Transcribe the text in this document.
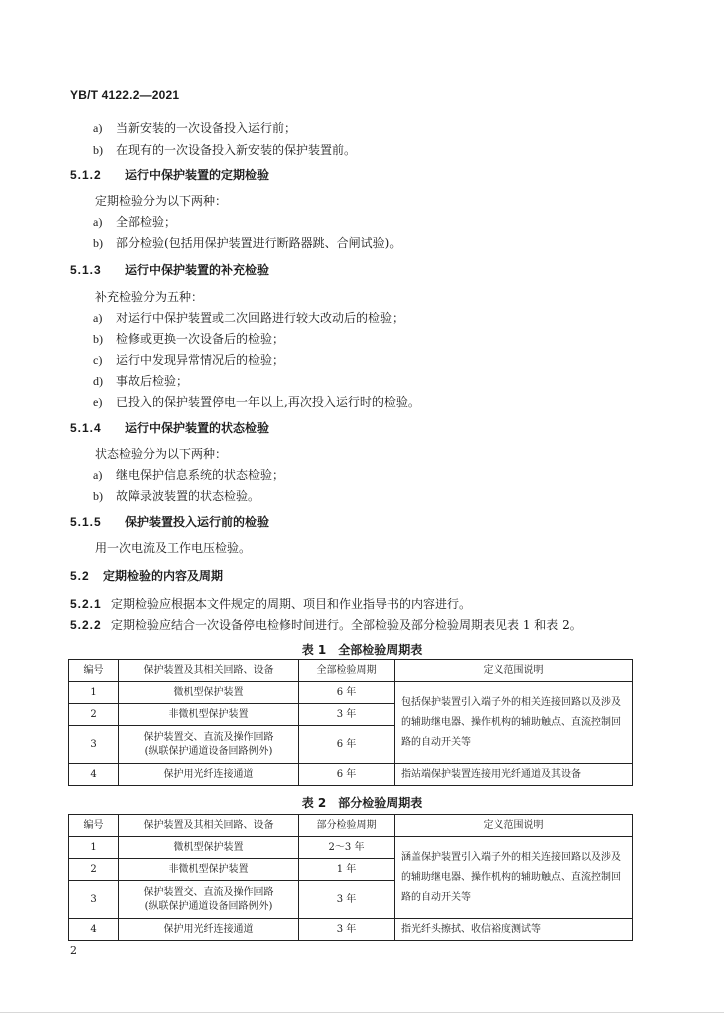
YB/T 4122.2—2021
a) 当新安装的一次设备投入运行前；
b) 在现有的一次设备投入新安装的保护装置前。
5.1.2 运行中保护装置的定期检验
定期检验分为以下两种：
a) 全部检验；
b) 部分检验(包括用保护装置进行断路器跳、合闸试验)。
5.1.3 运行中保护装置的补充检验
补充检验分为五种：
a) 对运行中保护装置或二次回路进行较大改动后的检验；
b) 检修或更换一次设备后的检验；
c) 运行中发现异常情况后的检验；
d) 事故后检验；
e) 已投入的保护装置停电一年以上,再次投入运行时的检验。
5.1.4 运行中保护装置的状态检验
状态检验分为以下两种：
a) 继电保护信息系统的状态检验；
b) 故障录波装置的状态检验。
5.1.5 保护装置投入运行前的检验
用一次电流及工作电压检验。
5.2 定期检验的内容及周期
5.2.1 定期检验应根据本文件规定的周期、项目和作业指导书的内容进行。
5.2.2 定期检验应结合一次设备停电检修时间进行。全部检验及部分检验周期表见表 1 和表 2。
表 1　全部检验周期表
编号	保护装置及其相关回路、设备	全部检验周期	定义范围说明
1	微机型保护装置	6 年	包括保护装置引入端子外的相关连接回路以及涉及的辅助继电器、操作机构的辅助触点、直流控制回路的自动开关等
2	非微机型保护装置	3 年	
3	保护装置交、直流及操作回路
(纵联保护通道设备回路例外)	6 年	
4	保护用光纤连接通道	6 年	指站端保护装置连接用光纤通道及其设备
表 2　部分检验周期表
编号	保护装置及其相关回路、设备	部分检验周期	定义范围说明
1	微机型保护装置	2～3 年	涵盖保护装置引入端子外的相关连接回路以及涉及的辅助继电器、操作机构的辅助触点、直流控制回路的自动开关等
2	非微机型保护装置	1 年	
3	保护装置交、直流及操作回路
(纵联保护通道设备回路例外)	3 年	
4	保护用光纤连接通道	3 年	指光纤头擦拭、收信裕度测试等
2
